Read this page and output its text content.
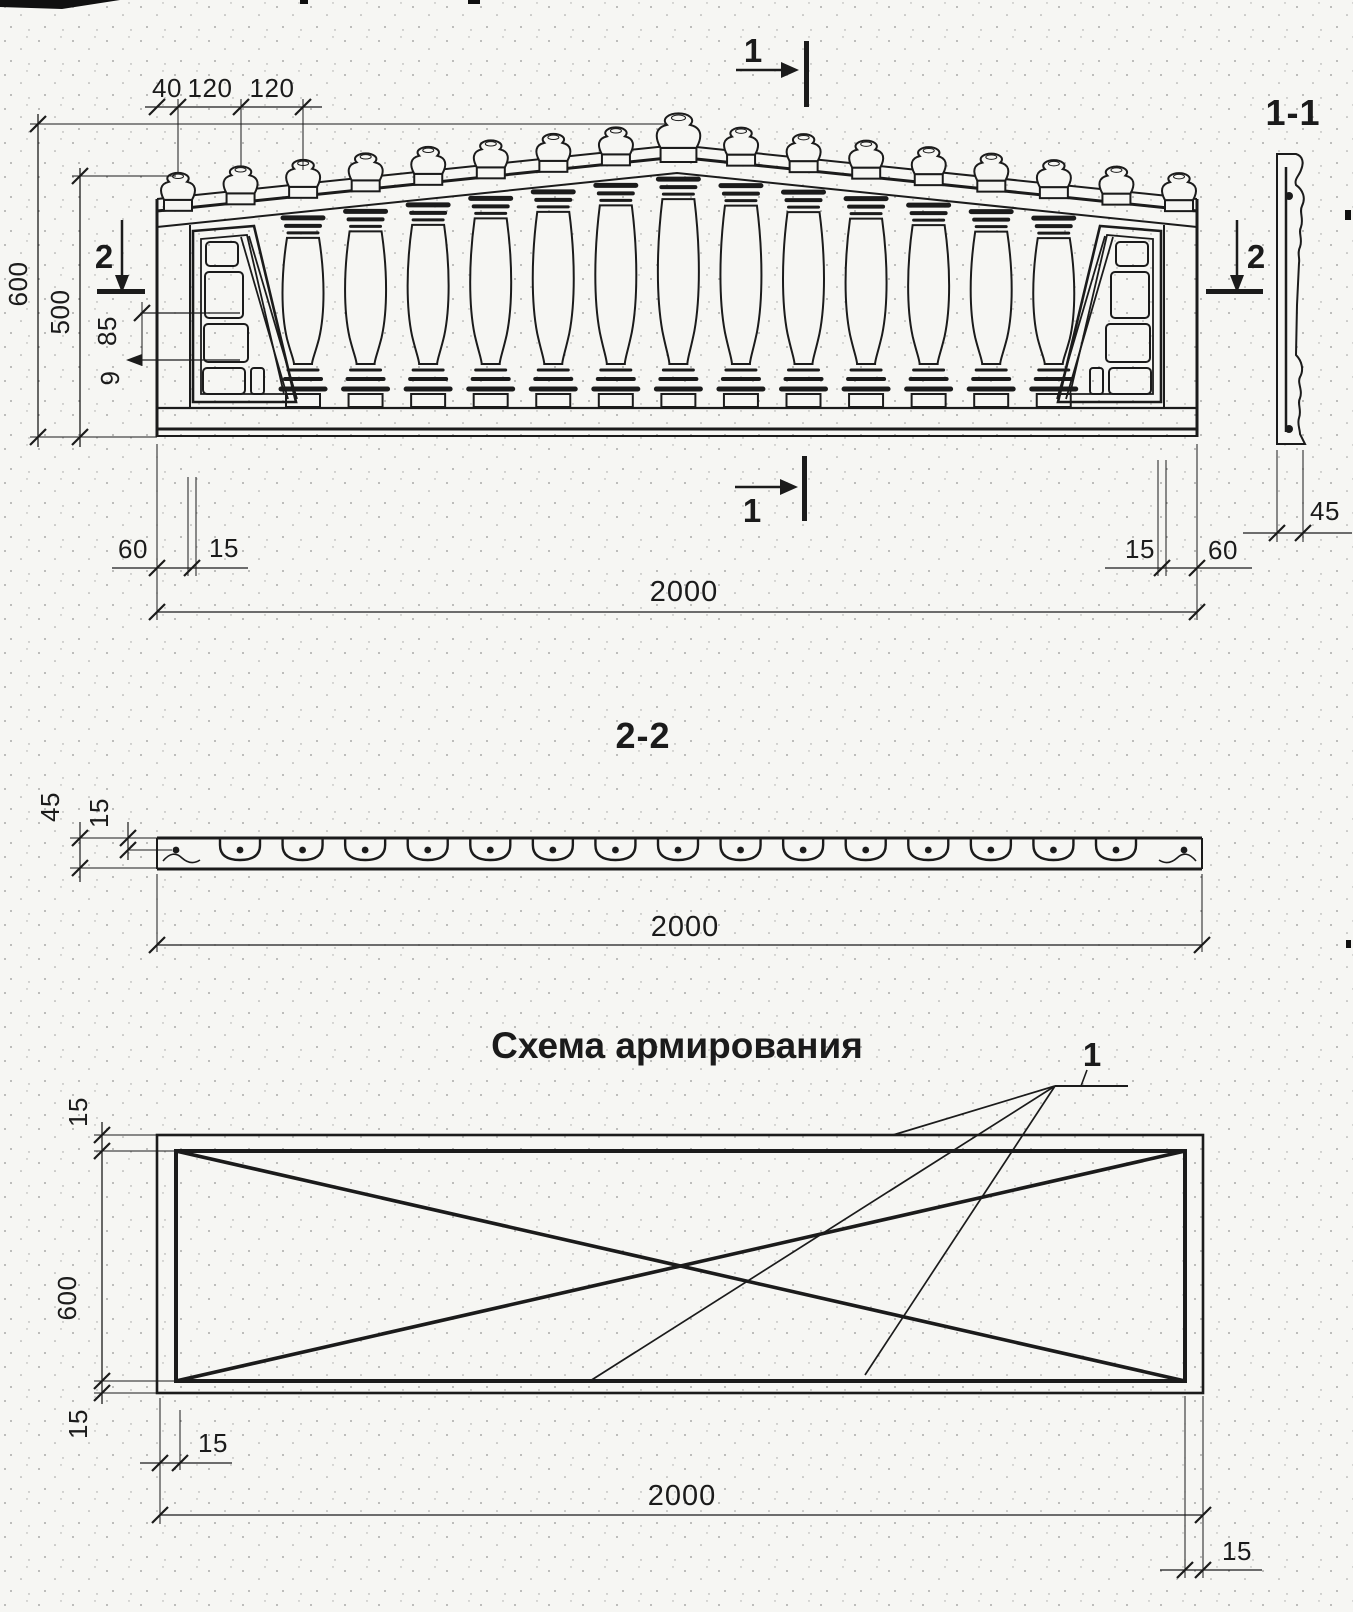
40 120 120
600
500 85
9
2	2
1
1
60 15	15 60
2000
1-1
45
2-2
45 15
2000
Схема армирования	1
15
600
15
15
15
2000
